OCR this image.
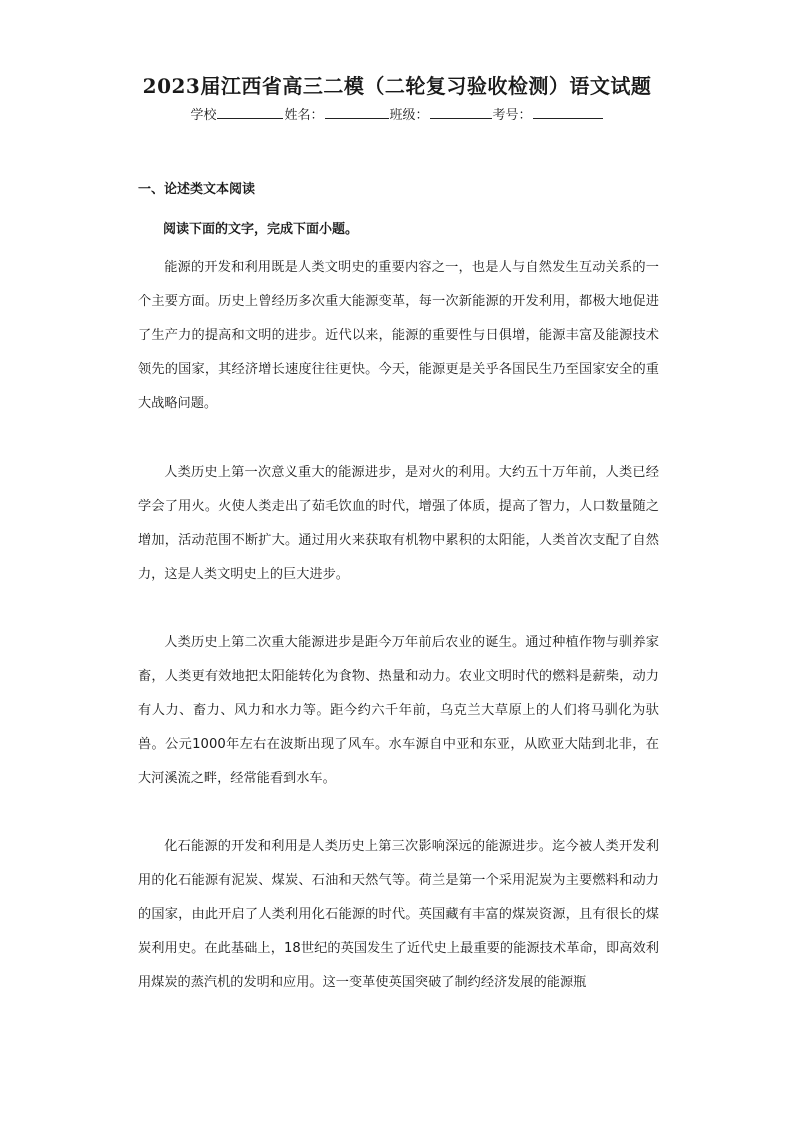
2023届江西省高三二模（二轮复习验收检测）语文试题
学校	姓名：	班级：	考号：
一、论述类文本阅读
阅读下面的文字，完成下面小题。

能源的开发和利用既是人类文明史的重要内容之一，也是人与自然发生互动关系的一个主要方面。历史上曾经历多次重大能源变革，每一次新能源的开发利用，都极大地促进了生产力的提高和文明的进步。近代以来，能源的重要性与日俱增，能源丰富及能源技术领先的国家，其经济增长速度往往更快。今天，能源更是关乎各国民生乃至国家安全的重大战略问题。

人类历史上第一次意义重大的能源进步，是对火的利用。大约五十万年前，人类已经学会了用火。火使人类走出了茹毛饮血的时代，增强了体质，提高了智力，人口数量随之增加，活动范围不断扩大。通过用火来获取有机物中累积的太阳能，人类首次支配了自然力，这是人类文明史上的巨大进步。

人类历史上第二次重大能源进步是距今万年前后农业的诞生。通过种植作物与驯养家畜，人类更有效地把太阳能转化为食物、热量和动力。农业文明时代的燃料是薪柴，动力有人力、畜力、风力和水力等。距今约六千年前，乌克兰大草原上的人们将马驯化为驮兽。公元1000年左右在波斯出现了风车。水车源自中亚和东亚，从欧亚大陆到北非，在大河溪流之畔，经常能看到水车。

化石能源的开发和利用是人类历史上第三次影响深远的能源进步。迄今被人类开发利用的化石能源有泥炭、煤炭、石油和天然气等。荷兰是第一个采用泥炭为主要燃料和动力的国家，由此开启了人类利用化石能源的时代。英国藏有丰富的煤炭资源，且有很长的煤炭利用史。在此基础上，18世纪的英国发生了近代史上最重要的能源技术革命，即高效利用煤炭的蒸汽机的发明和应用。这一变革使英国突破了制约经济发展的能源瓶
